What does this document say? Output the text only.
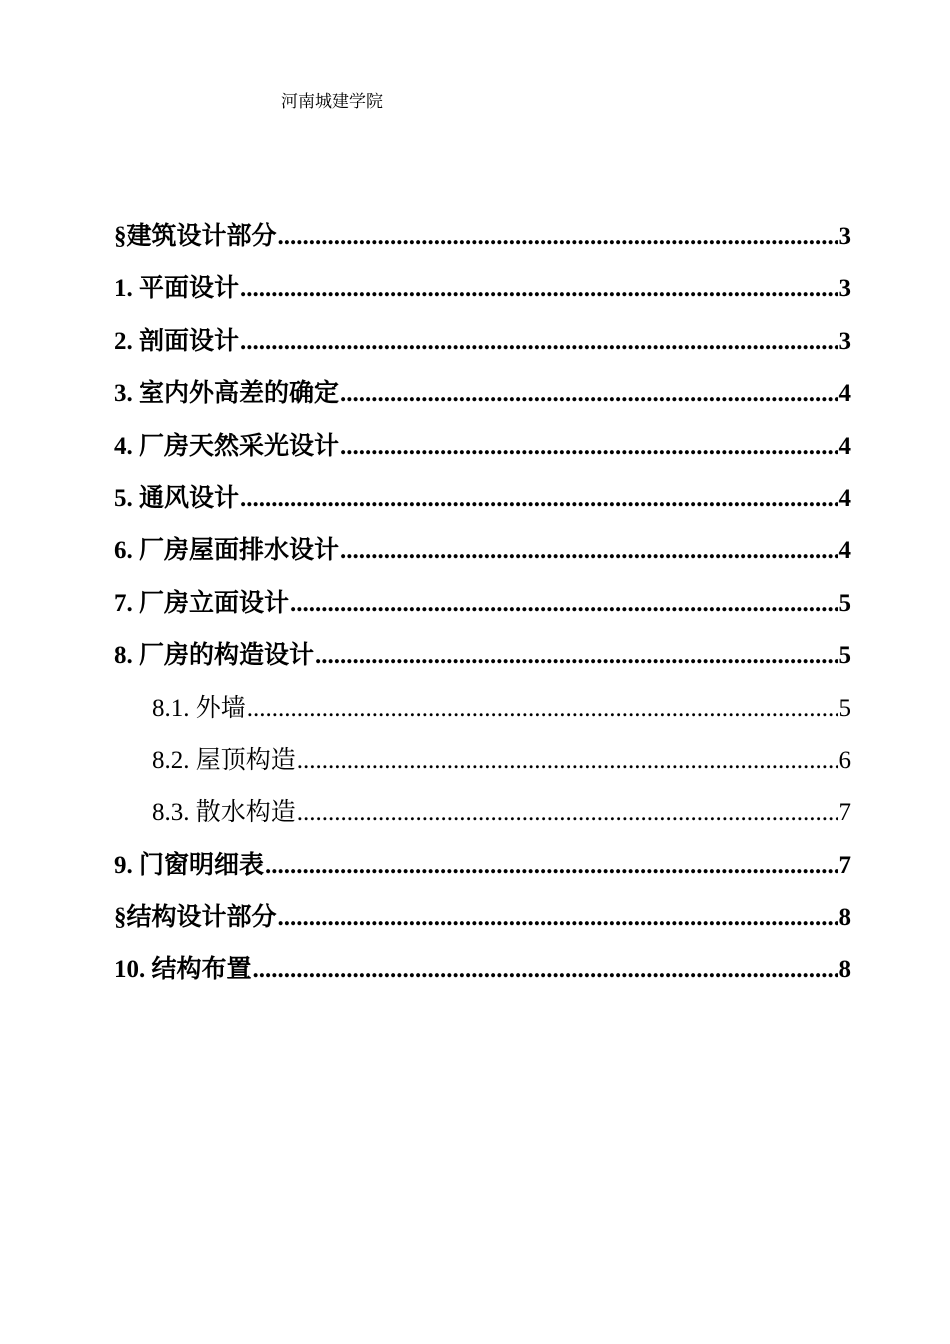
河南城建学院
§建筑设计部分 .....	3
1. 平面设计 .....	3
2. 剖面设计 .....	3
3. 室内外高差的确定 .....	4
4. 厂房天然采光设计 .....	4
5. 通风设计 .....	4
6. 厂房屋面排水设计 .....	4
7. 厂房立面设计 .....	5
8. 厂房的构造设计 .....	5
8.1. 外墙 .....	5
8.2. 屋顶构造 .....	6
8.3. 散水构造 .....	7
9. 门窗明细表 .....	7
§结构设计部分 .....	8
10. 结构布置 .....	8
